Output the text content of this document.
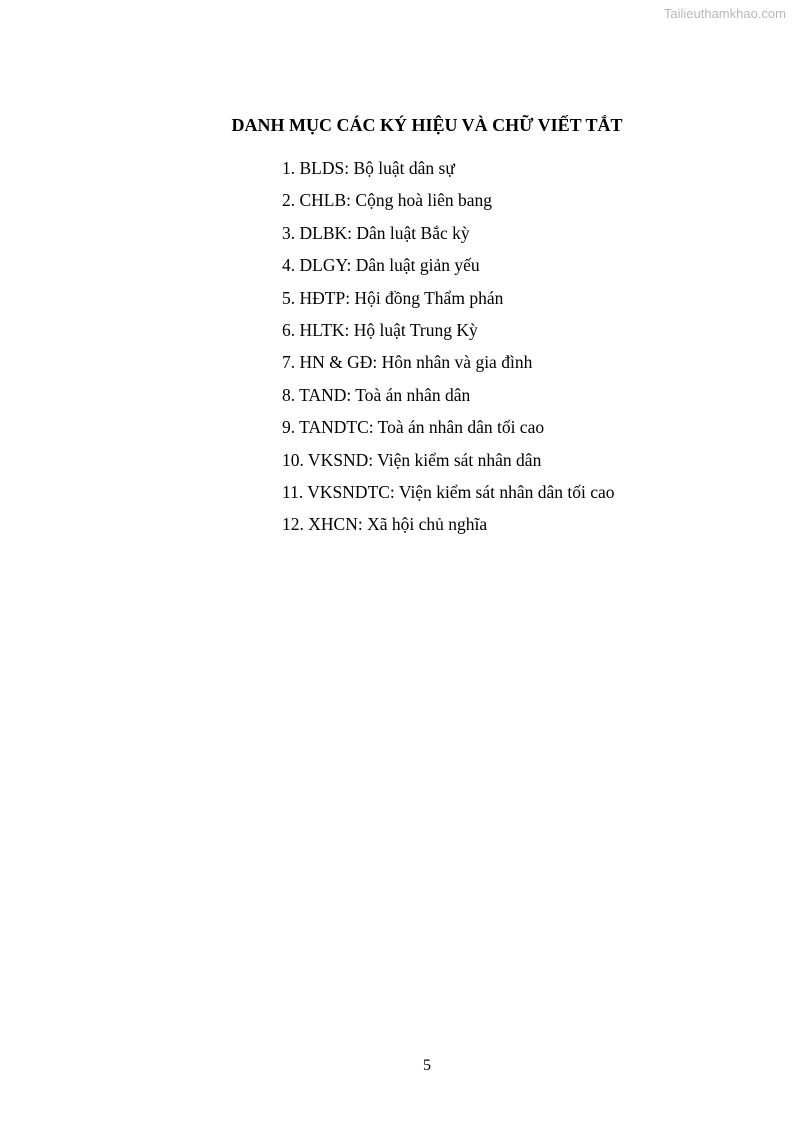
Tailieuthamkhao.com
DANH MỤC CÁC KÝ HIỆU VÀ CHỮ VIẾT TẮT
1. BLDS: Bộ luật dân sự
2. CHLB: Cộng hoà liên bang
3. DLBK: Dân luật Bắc kỳ
4. DLGY: Dân luật giản yếu
5. HĐTP: Hội đồng Thẩm phán
6. HLTK: Hộ luật Trung Kỳ
7. HN & GĐ: Hôn nhân và gia đình
8. TAND: Toà án nhân dân
9. TANDTC: Toà án nhân dân tối cao
10. VKSND: Viện kiểm sát nhân dân
11. VKSNDTC: Viện kiểm sát nhân dân tối cao
12. XHCN: Xã hội chủ nghĩa
5
